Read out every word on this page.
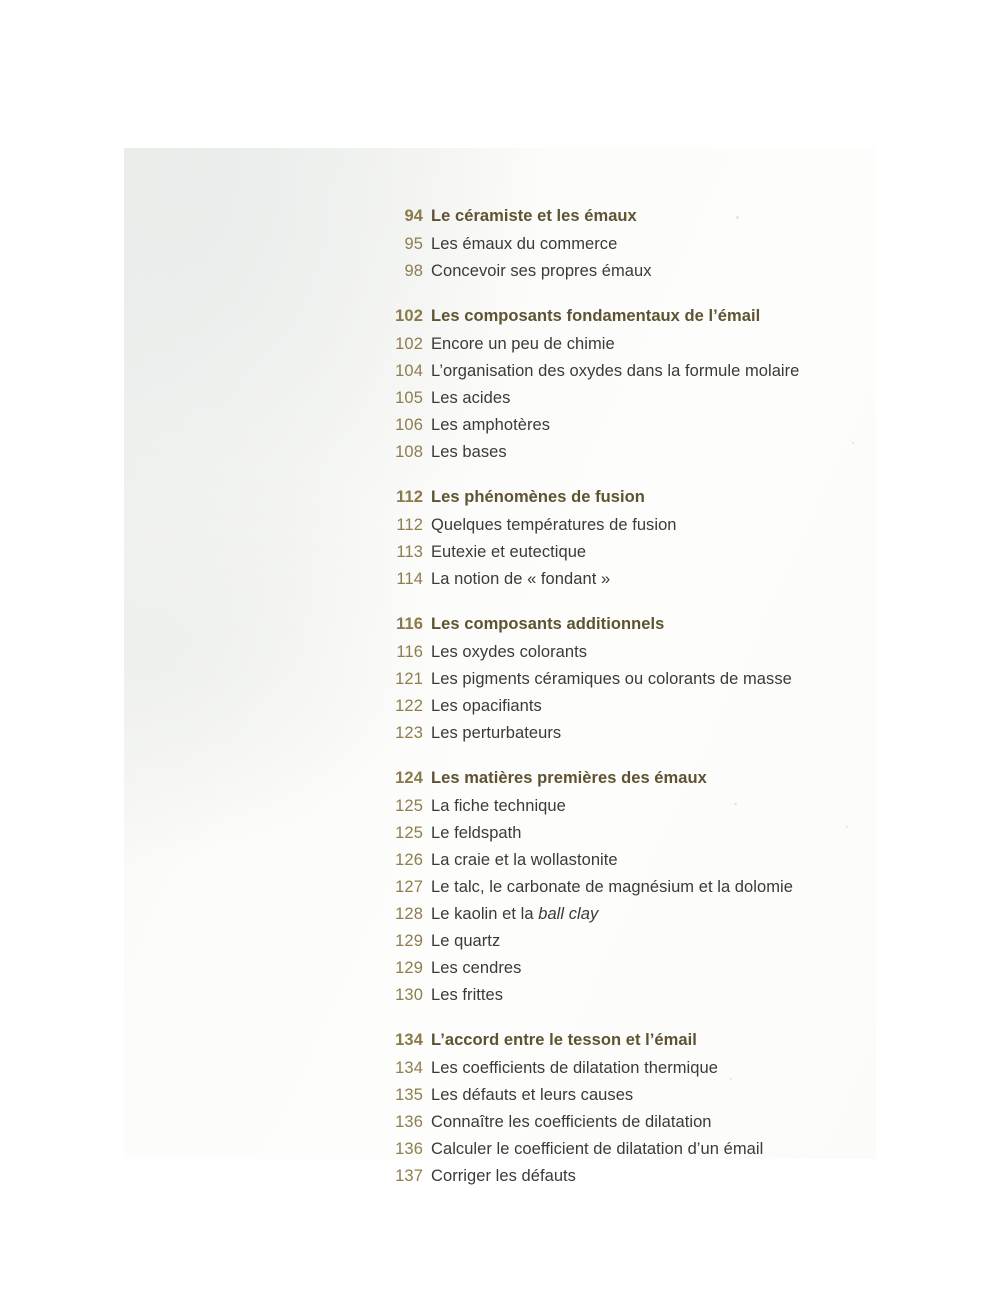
94 Le céramiste et les émaux
95 Les émaux du commerce
98 Concevoir ses propres émaux
102 Les composants fondamentaux de l’émail
102 Encore un peu de chimie
104 L’organisation des oxydes dans la formule molaire
105 Les acides
106 Les amphotères
108 Les bases
112 Les phénomènes de fusion
112 Quelques températures de fusion
113 Eutexie et eutectique
114 La notion de « fondant »
116 Les composants additionnels
116 Les oxydes colorants
121 Les pigments céramiques ou colorants de masse
122 Les opacifiants
123 Les perturbateurs
124 Les matières premières des émaux
125 La fiche technique
125 Le feldspath
126 La craie et la wollastonite
127 Le talc, le carbonate de magnésium et la dolomie
128 Le kaolin et la ball clay
129 Le quartz
129 Les cendres
130 Les frittes
134 L’accord entre le tesson et l’émail
134 Les coefficients de dilatation thermique
135 Les défauts et leurs causes
136 Connaître les coefficients de dilatation
136 Calculer le coefficient de dilatation d’un émail
137 Corriger les défauts
